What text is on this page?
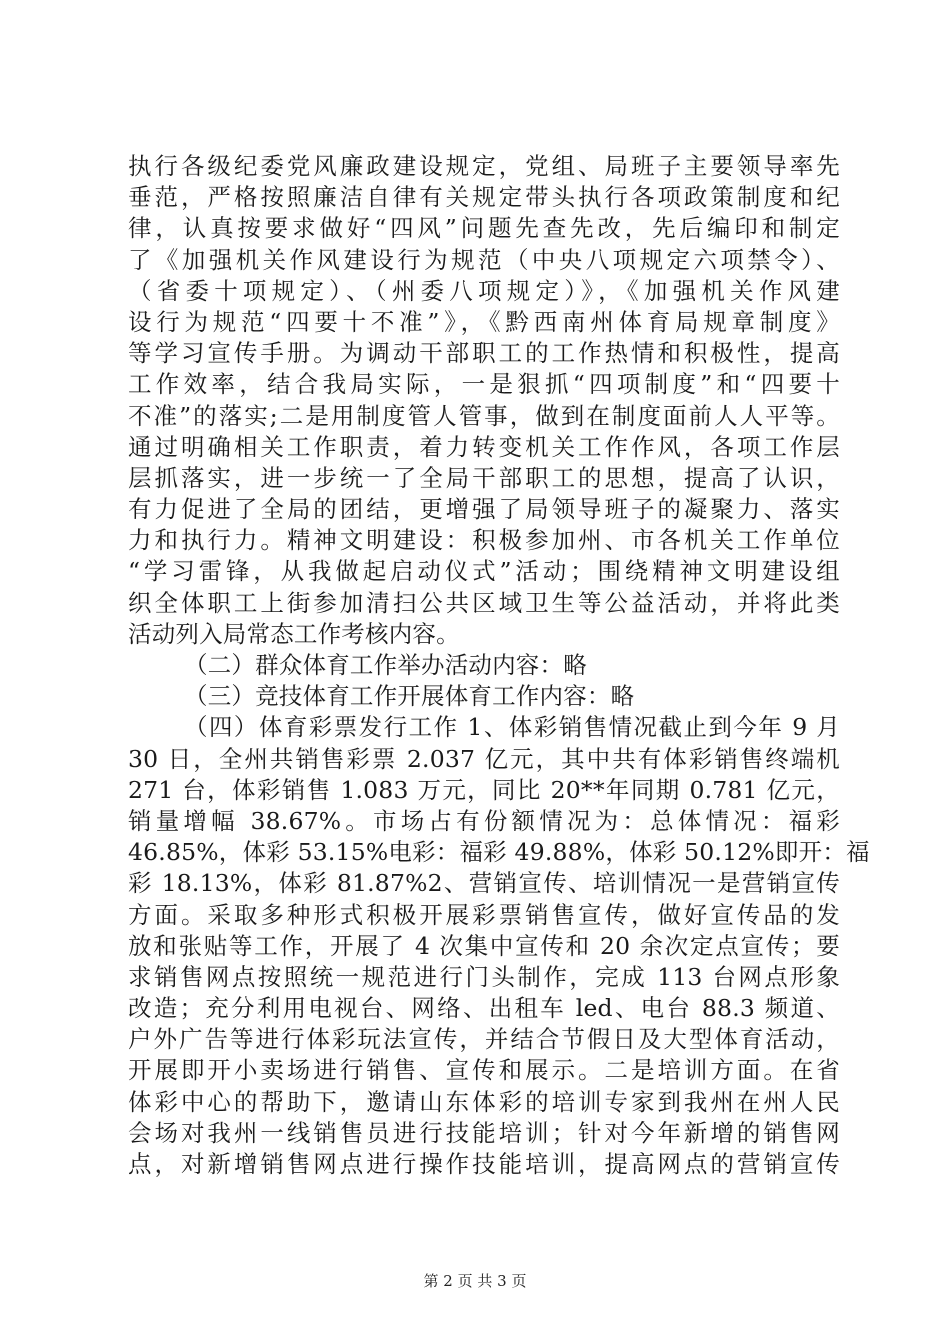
执行各级纪委党风廉政建设规定，党组、局班子主要领导率先
垂范，严格按照廉洁自律有关规定带头执行各项政策制度和纪
律，认真按要求做好“四风”问题先查先改，先后编印和制定
了《加强机关作风建设行为规范（中央八项规定六项禁令）、
（省委十项规定）、（州委八项规定）》，《加强机关作风建
设行为规范“四要十不准”》，《黔西南州体育局规章制度》
等学习宣传手册。为调动干部职工的工作热情和积极性，提高
工作效率，结合我局实际，一是狠抓“四项制度”和“四要十
不准”的落实;二是用制度管人管事，做到在制度面前人人平等。
通过明确相关工作职责，着力转变机关工作作风，各项工作层
层抓落实，进一步统一了全局干部职工的思想，提高了认识，
有力促进了全局的团结，更增强了局领导班子的凝聚力、落实
力和执行力。精神文明建设：积极参加州、市各机关工作单位
“学习雷锋，从我做起启动仪式”活动；围绕精神文明建设组
织全体职工上街参加清扫公共区域卫生等公益活动，并将此类
活动列入局常态工作考核内容。
（二）群众体育工作举办活动内容：略
（三）竞技体育工作开展体育工作内容：略
（四）体育彩票发行工作 1、体彩销售情况截止到今年 9 月
30 日，全州共销售彩票 2.037 亿元，其中共有体彩销售终端机
271 台，体彩销售 1.083 万元，同比 20**年同期 0.781 亿元，
销量增幅 38.67%。市场占有份额情况为：总体情况：福彩
46.85%，体彩 53.15%电彩：福彩 49.88%，体彩 50.12%即开：福
彩 18.13%，体彩 81.87%2、营销宣传、培训情况一是营销宣传
方面。采取多种形式积极开展彩票销售宣传，做好宣传品的发
放和张贴等工作，开展了 4 次集中宣传和 20 余次定点宣传；要
求销售网点按照统一规范进行门头制作，完成 113 台网点形象
改造；充分利用电视台、网络、出租车 led、电台 88.3 频道、
户外广告等进行体彩玩法宣传，并结合节假日及大型体育活动，
开展即开小卖场进行销售、宣传和展示。二是培训方面。在省
体彩中心的帮助下，邀请山东体彩的培训专家到我州在州人民
会场对我州一线销售员进行技能培训；针对今年新增的销售网
点，对新增销售网点进行操作技能培训，提高网点的营销宣传
第 2 页 共 3 页
